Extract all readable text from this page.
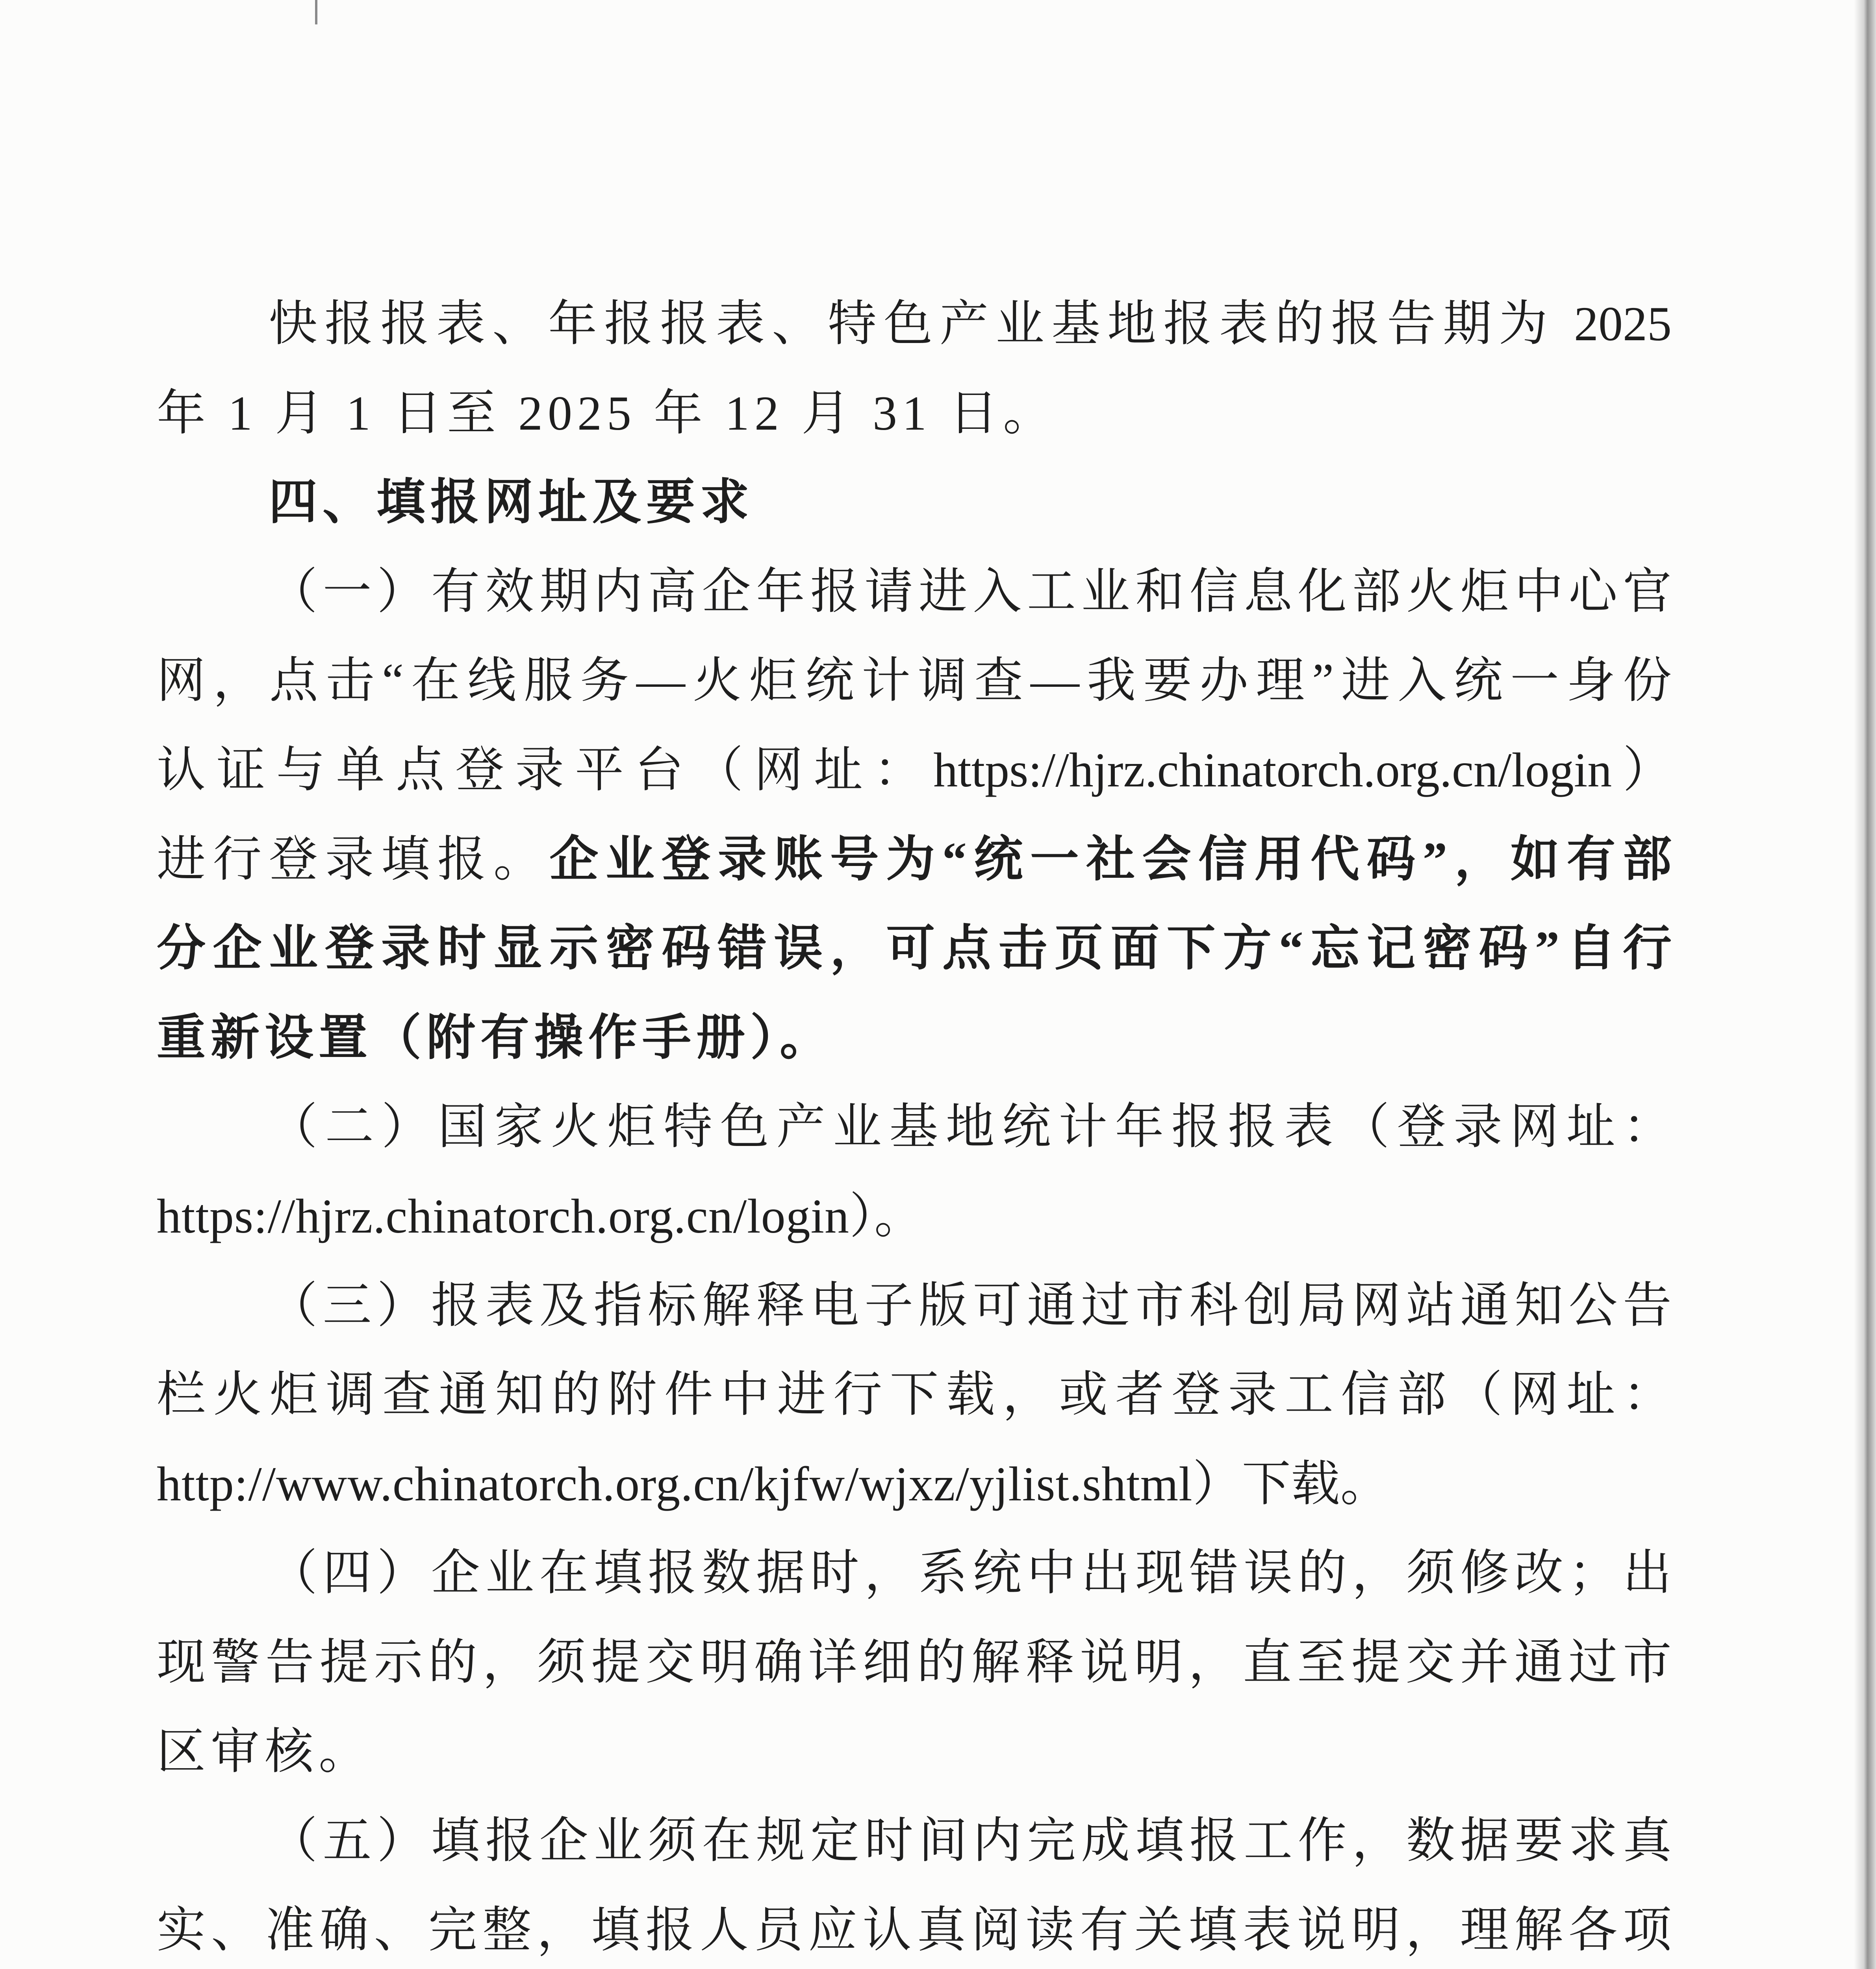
快报报表、年报报表、特色产业基地报表的报告期为 2025
年 1 月 1 日至 2025 年 12 月 31 日。
四、填报网址及要求
（一）有效期内高企年报请进入工业和信息化部火炬中心官
网，点击“在线服务—火炬统计调查—我要办理”进入统一身份
认证与单点登录平台（网址：https://hjrz.chinatorch.org.cn/login）
进行登录填报。企业登录账号为“统一社会信用代码”，如有部
分企业登录时显示密码错误，可点击页面下方“忘记密码”自行
重新设置（附有操作手册）。
（二）国家火炬特色产业基地统计年报报表（登录网址：
https://hjrz.chinatorch.org.cn/login）。
（三）报表及指标解释电子版可通过市科创局网站通知公告
栏火炬调查通知的附件中进行下载，或者登录工信部（网址：
http://www.chinatorch.org.cn/kjfw/wjxz/yjlist.shtml）下载。
（四）企业在填报数据时，系统中出现错误的，须修改；出
现警告提示的，须提交明确详细的解释说明，直至提交并通过市
区审核。
（五）填报企业须在规定时间内完成填报工作，数据要求真
实、准确、完整，填报人员应认真阅读有关填表说明，理解各项
